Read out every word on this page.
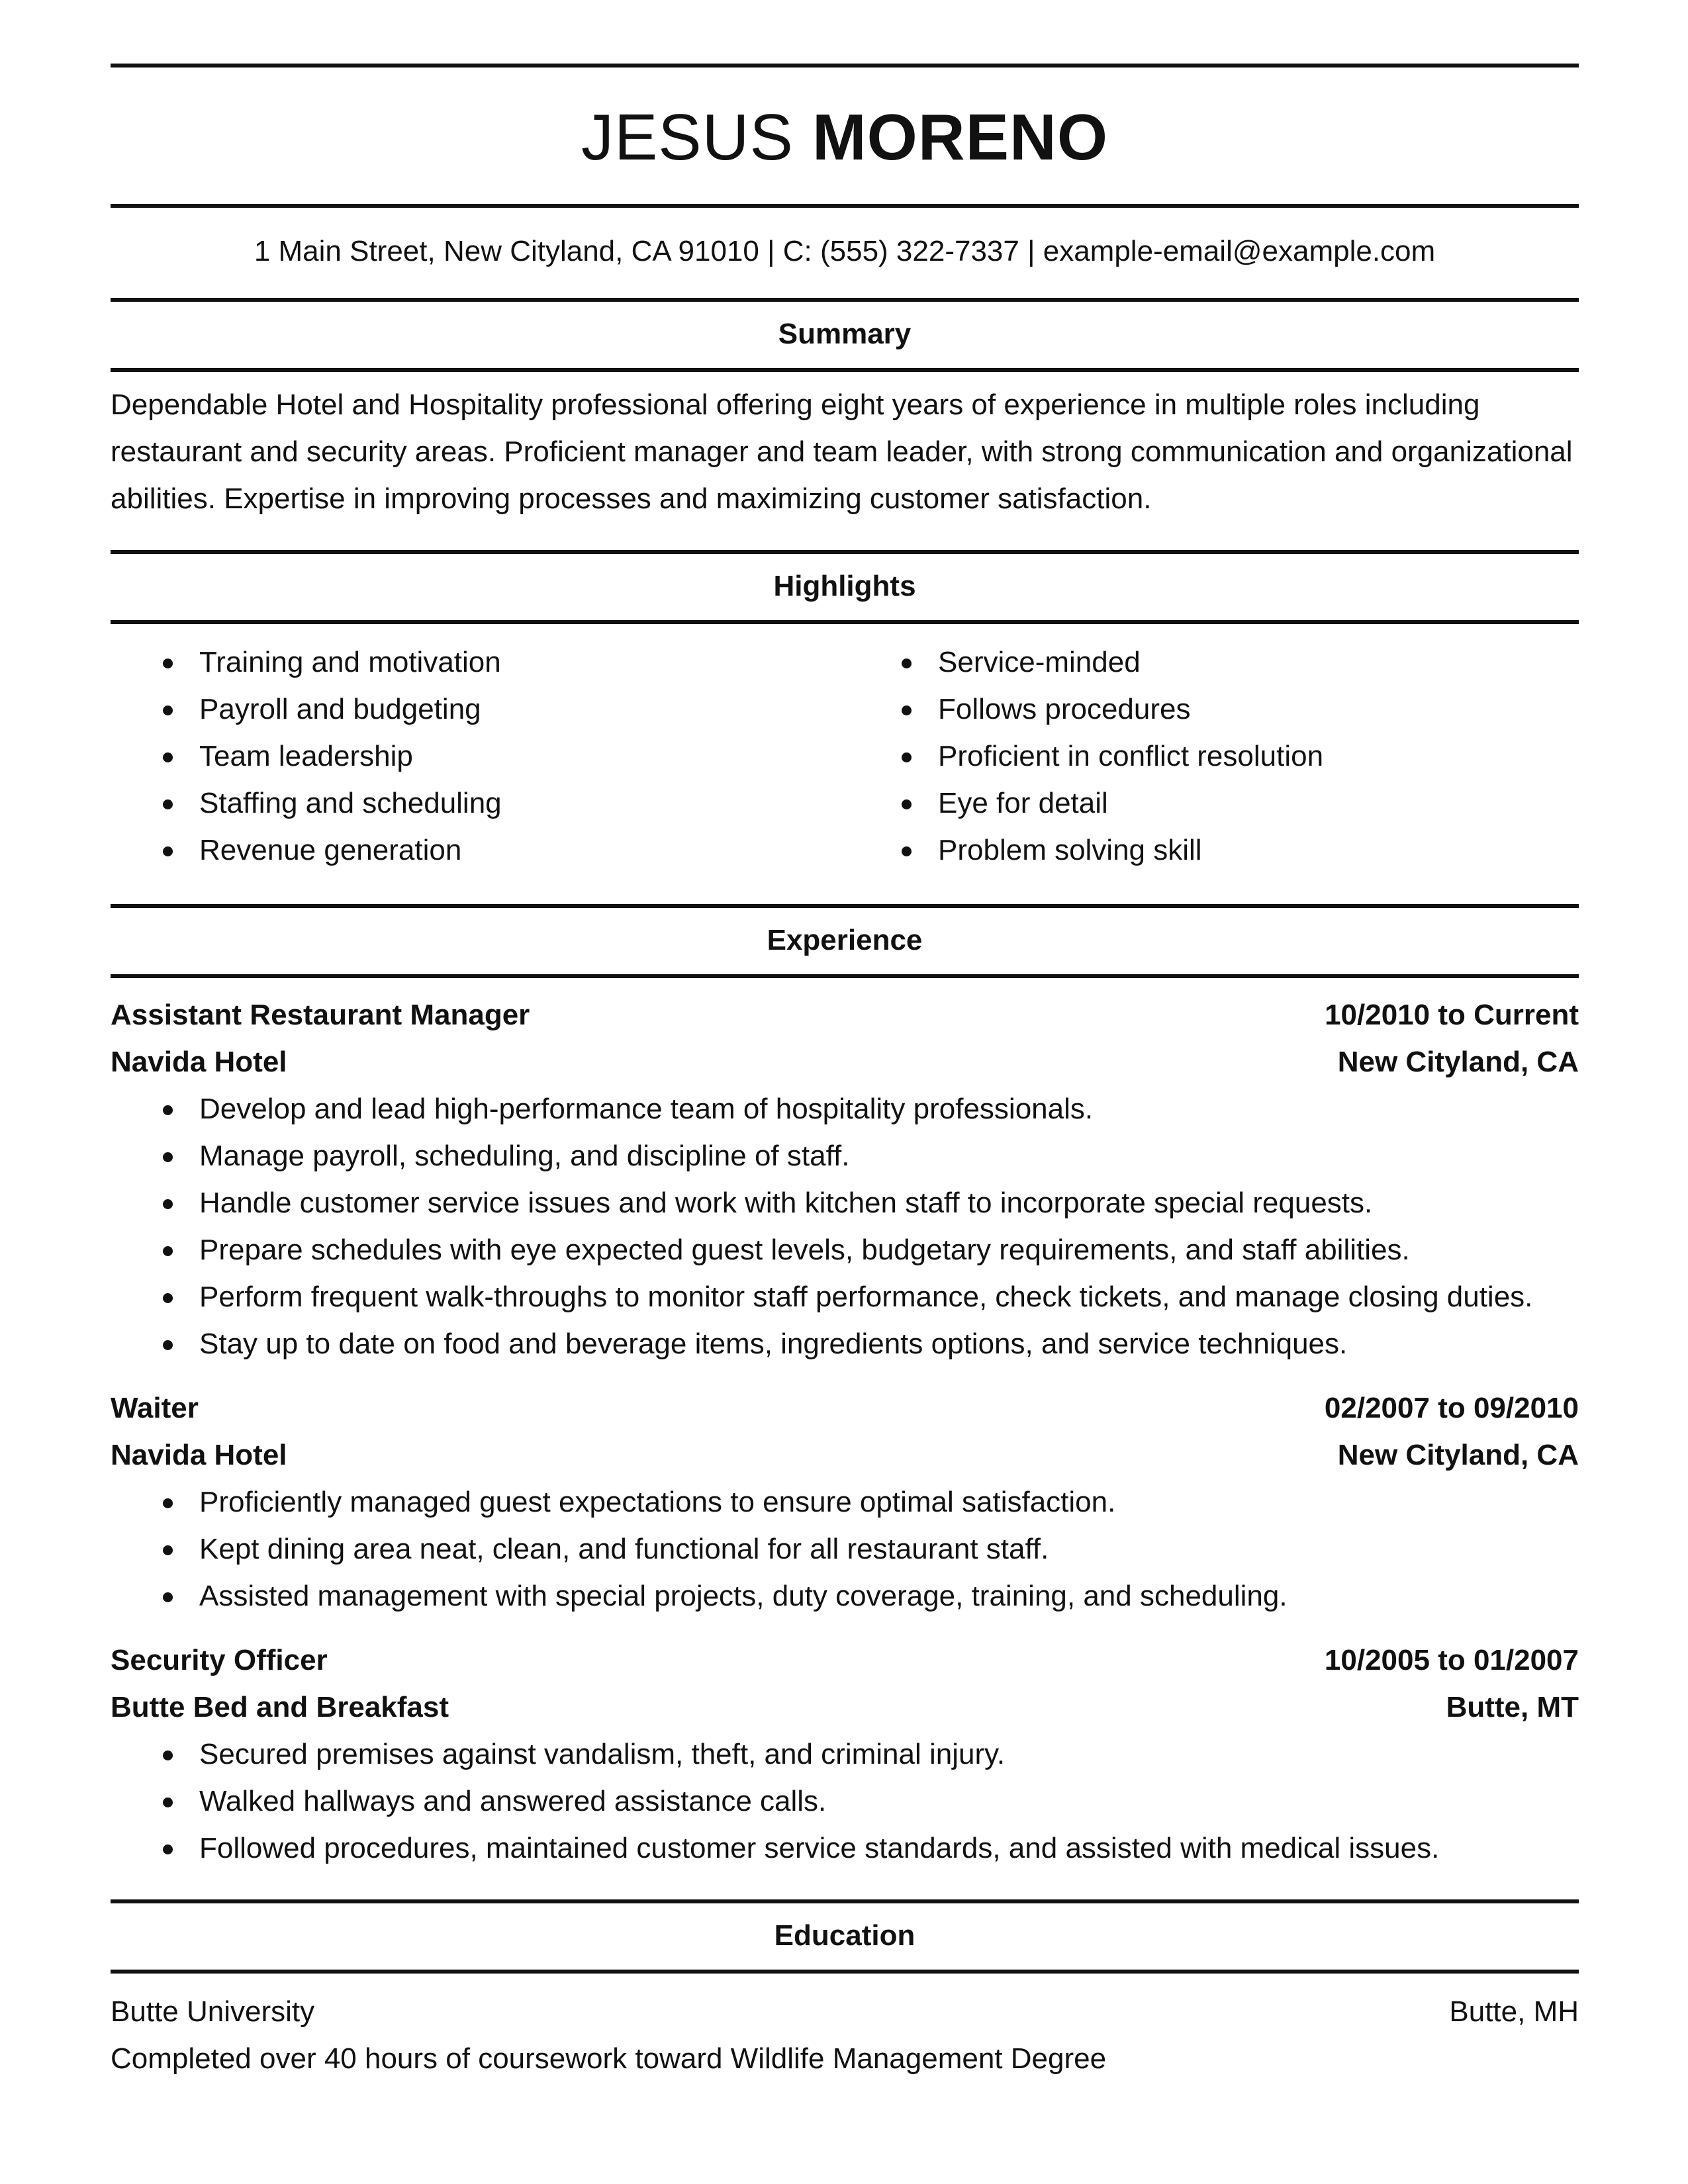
JESUS MORENO
1 Main Street, New Cityland, CA 91010 | C: (555) 322-7337 | example-email@example.com
Summary
Dependable Hotel and Hospitality professional offering eight years of experience in multiple roles including restaurant and security areas. Proficient manager and team leader, with strong communication and organizational abilities. Expertise in improving processes and maximizing customer satisfaction.
Highlights
Training and motivation
Payroll and budgeting
Team leadership
Staffing and scheduling
Revenue generation
Service-minded
Follows procedures
Proficient in conflict resolution
Eye for detail
Problem solving skill
Experience
Assistant Restaurant Manager	10/2010 to Current
Navida Hotel	New Cityland, CA
Develop and lead high-performance team of hospitality professionals.
Manage payroll, scheduling, and discipline of staff.
Handle customer service issues and work with kitchen staff to incorporate special requests.
Prepare schedules with eye expected guest levels, budgetary requirements, and staff abilities.
Perform frequent walk-throughs to monitor staff performance, check tickets, and manage closing duties.
Stay up to date on food and beverage items, ingredients options, and service techniques.
Waiter	02/2007 to 09/2010
Navida Hotel	New Cityland, CA
Proficiently managed guest expectations to ensure optimal satisfaction.
Kept dining area neat, clean, and functional for all restaurant staff.
Assisted management with special projects, duty coverage, training, and scheduling.
Security Officer	10/2005 to 01/2007
Butte Bed and Breakfast	Butte, MT
Secured premises against vandalism, theft, and criminal injury.
Walked hallways and answered assistance calls.
Followed procedures, maintained customer service standards, and assisted with medical issues.
Education
Butte University	Butte, MH
Completed over 40 hours of coursework toward Wildlife Management Degree
